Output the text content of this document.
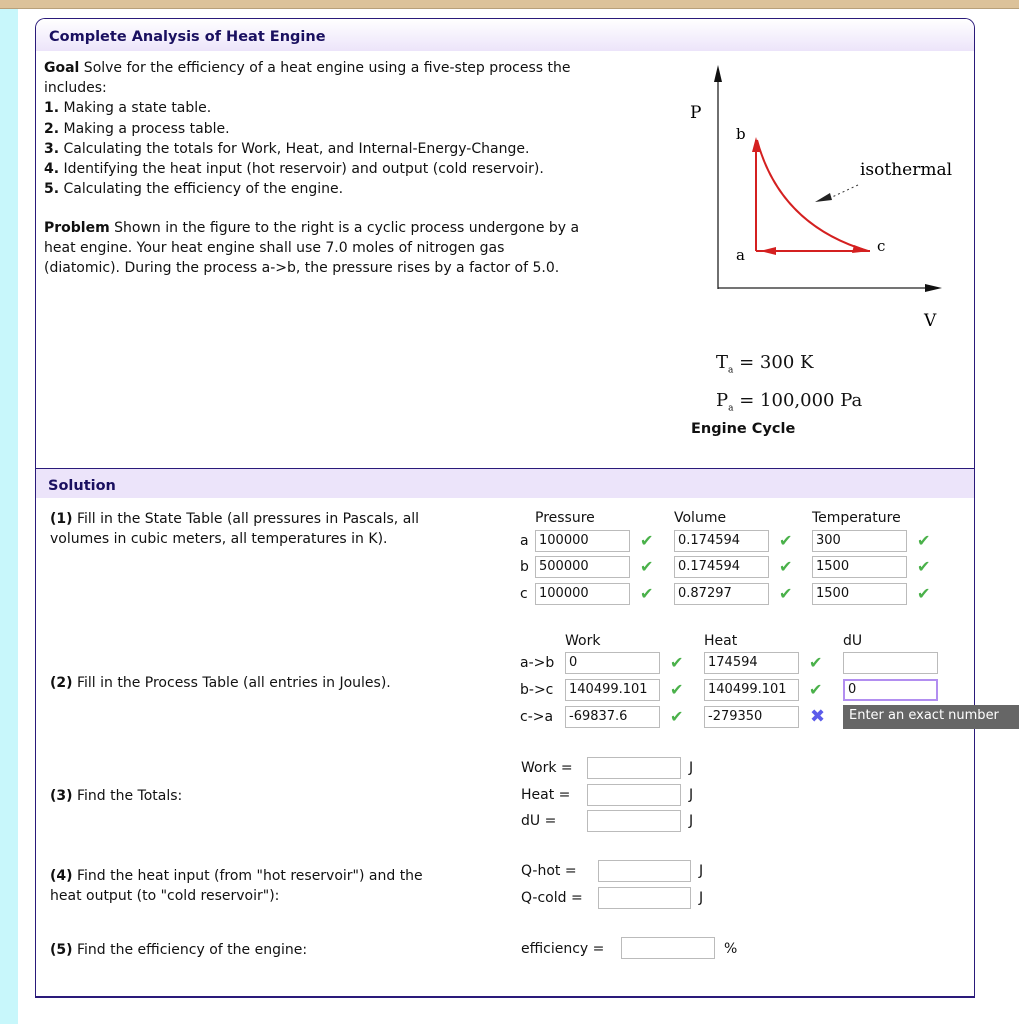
Complete Analysis of Heat Engine
Goal Solve for the efficiency of a heat engine using a five-step process the
includes:
1. Making a state table.
2. Making a process table.
3. Calculating the totals for Work, Heat, and Internal-Energy-Change.
4. Identifying the heat input (hot reservoir) and output (cold reservoir).
5. Calculating the efficiency of the engine.
Problem Shown in the figure to the right is a cyclic process undergone by a
heat engine. Your heat engine shall use 7.0 moles of nitrogen gas
(diatomic). During the process a->b, the pressure rises by a factor of 5.0.
P
b
a	c
isothermal
V
$T_a = 300$ K
$P_a = 100,000$ Pa
Engine Cycle
Solution
(1) Fill in the State Table (all pressures in Pascals, all
volumes in cubic meters, all temperatures in K).
Pressure	Volume	Temperature
a 100000	✔	0.174594	✔	300	✔
b 500000	✔	0.174594	✔	1500	✔
c 100000	✔	0.87297	✔	1500	✔
(2) Fill in the Process Table (all entries in Joules).
Work	Heat	dU
a->b	0	✔	174594	✔
b->c	140499.101	✔	140499.101	✔	0
c->a	-69837.6	✔	-279350	✖	Enter an exact number
(3) Find the Totals:
Work =	J
Heat =	J
dU =	J
(4) Find the heat input (from "hot reservoir") and the
heat output (to "cold reservoir"):
Q-hot =	J
Q-cold =	J
(5) Find the efficiency of the engine:	efficiency =	%
